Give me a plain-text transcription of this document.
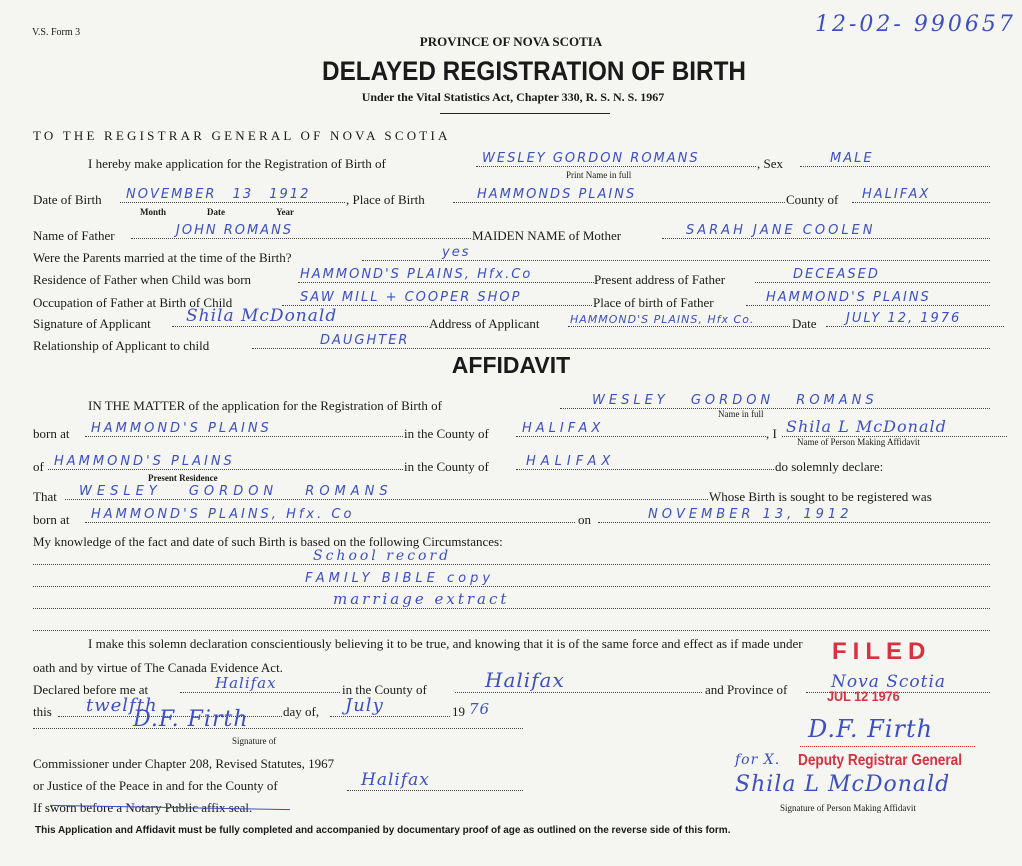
V.S. Form 3	12-02- 990657
PROVINCE OF NOVA SCOTIA
DELAYED REGISTRATION OF BIRTH
Under the Vital Statistics Act, Chapter 330, R. S. N. S. 1967
TO THE REGISTRAR GENERAL OF NOVA SCOTIA
I hereby make application for the Registration of Birth of	WESLEY GORDON ROMANS	, Sex	MALE
Print Name in full
Date of Birth NOVEMBER 13 1912	, Place of Birth	HAMMONDS PLAINS	County of HALIFAX
Month	Date	Year
Name of Father	JOHN ROMANS	MAIDEN NAME of Mother	SARAH JANE COOLEN
Were the Parents married at the time of the Birth?	yes
Residence of Father when Child was born	HAMMOND'S PLAINS, Hfx.Co	Present address of Father	DECEASED
Occupation of Father at Birth of Child	SAW MILL + COOPER SHOP	Place of birth of Father	HAMMOND'S PLAINS
Signature of Applicant Shila McDonald	Address of Applicant	HAMMOND'S PLAINS, Hfx Co.	Date JULY 12, 1976
Relationship of Applicant to child	DAUGHTER
AFFIDAVIT
IN THE MATTER of the application for the Registration of Birth of	WESLEY GORDON ROMANS
Name in full
born at HAMMOND'S PLAINS	in the County of	HALIFAX	, I Shila L McDonald
Name of Person Making Affidavit
of HAMMOND'S PLAINS	in the County of	HALIFAX	do solemnly declare:
Present Residence
That WESLEY GORDON ROMANS	Whose Birth is sought to be registered was
born at HAMMOND'S PLAINS, Hfx. Co	on	NOVEMBER 13, 1912
My knowledge of the fact and date of such Birth is based on the following Circumstances:
School record
FAMILY BIBLE copy
marriage extract
I make this solemn declaration conscientiously believing it to be true, and knowing that it is of the same force and effect as if made under
oath and by virtue of The Canada Evidence Act.
Declared before me at	Halifax	in the County of	Halifax	and Province of	Nova Scotia
this twelfth	day of, July	19 76
D.F. Firth
Signature of
Commissioner under Chapter 208, Revised Statutes, 1967
or Justice of the Peace in and for the County of	Halifax
If sworn before a Notary Public affix seal.
FILED
JUL 12 1976
D.F. Firth
for X. Deputy Registrar General
Shila L McDonald
Signature of Person Making Affidavit
This Application and Affidavit must be fully completed and accompanied by documentary proof of age as outlined on the reverse side of this form.
